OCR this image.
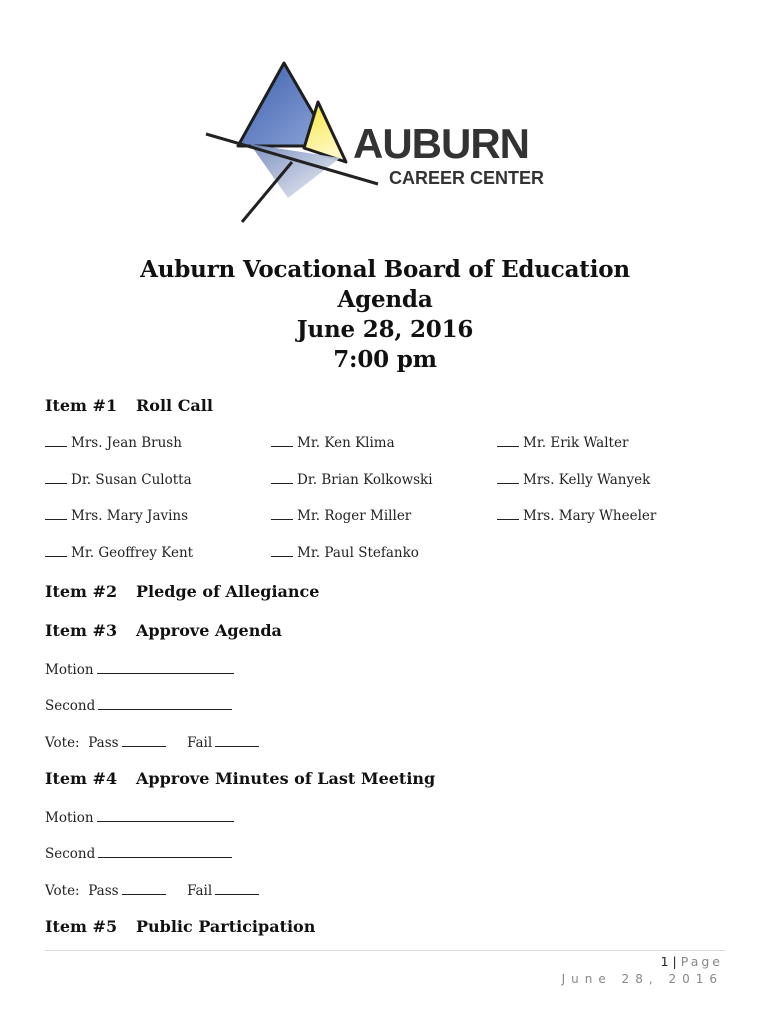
AUBURN
CAREER CENTER
Auburn Vocational Board of Education
Agenda
June 28, 2016
7:00 pm
Item #1	Roll Call
Mrs. Jean Brush	Mr. Ken Klima	Mr. Erik Walter
Dr. Susan Culotta	Dr. Brian Kolkowski	Mrs. Kelly Wanyek
Mrs. Mary Javins	Mr. Roger Miller	Mrs. Mary Wheeler
Mr. Geoffrey Kent	Mr. Paul Stefanko
Item #2	Pledge of Allegiance
Item #3	Approve Agenda
Motion
Second
Vote: Pass	Fail
Item #4	Approve Minutes of Last Meeting
Motion
Second
Vote: Pass	Fail
Item #5	Public Participation
1 | Page
June 28, 2016
